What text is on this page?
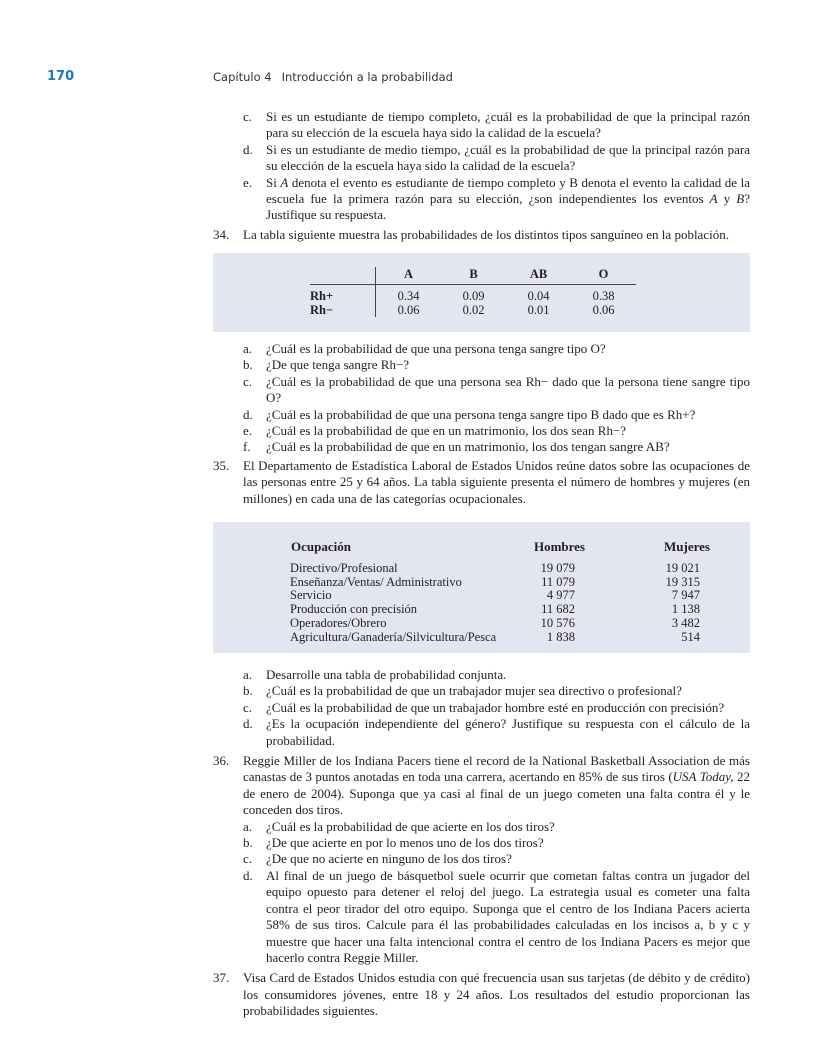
170	Capítulo 4 Introducción a la probabilidad
c.	Si es un estudiante de tiempo completo, ¿cuál es la probabilidad de que la principal razón para su elección de la escuela haya sido la calidad de la escuela?
d.	Si es un estudiante de medio tiempo, ¿cuál es la probabilidad de que la principal razón para su elección de la escuela haya sido la calidad de la escuela?
e.	Si A denota el evento es estudiante de tiempo completo y B denota el evento la calidad de la escuela fue la primera razón para su elección, ¿son independientes los eventos A y B? Justifique su respuesta.
34.	La tabla siguiente muestra las probabilidades de los distintos tipos sanguíneo en la población.
	A	B	AB	O
Rh+	0.34	0.09	0.04	0.38
Rh−	0.06	0.02	0.01	0.06
a.	¿Cuál es la probabilidad de que una persona tenga sangre tipo O?
b.	¿De que tenga sangre Rh−?
c.	¿Cuál es la probabilidad de que una persona sea Rh− dado que la persona tiene sangre tipo O?
d.	¿Cuál es la probabilidad de que una persona tenga sangre tipo B dado que es Rh+?
e.	¿Cuál es la probabilidad de que en un matrimonio, los dos sean Rh−?
f.	¿Cuál es la probabilidad de que en un matrimonio, los dos tengan sangre AB?
35.	El Departamento de Estadística Laboral de Estados Unidos reúne datos sobre las ocupaciones de las personas entre 25 y 64 años. La tabla siguiente presenta el número de hombres y mujeres (en millones) en cada una de las categorías ocupacionales.
Ocupación	Hombres	Mujeres
Directivo/Profesional	19 079	19 021
Enseñanza/Ventas/ Administrativo	11 079	19 315
Servicio	4 977	7 947
Producción con precisión	11 682	1 138
Operadores/Obrero	10 576	3 482
Agricultura/Ganadería/Silvicultura/Pesca	1 838	514
a.	Desarrolle una tabla de probabilidad conjunta.
b.	¿Cuál es la probabilidad de que un trabajador mujer sea directivo o profesional?
c.	¿Cuál es la probabilidad de que un trabajador hombre esté en producción con precisión?
d.	¿Es la ocupación independiente del género? Justifique su respuesta con el cálculo de la probabilidad.
36.	Reggie Miller de los Indiana Pacers tiene el record de la National Basketball Association de más canastas de 3 puntos anotadas en toda una carrera, acertando en 85% de sus tiros (USA Today, 22 de enero de 2004). Suponga que ya casi al final de un juego cometen una falta contra él y le conceden dos tiros.
a.	¿Cuál es la probabilidad de que acierte en los dos tiros?
b.	¿De que acierte en por lo menos uno de los dos tiros?
c.	¿De que no acierte en ninguno de los dos tiros?
d.	Al final de un juego de básquetbol suele ocurrir que cometan faltas contra un jugador del equipo opuesto para detener el reloj del juego. La estrategia usual es cometer una falta contra el peor tirador del otro equipo. Suponga que el centro de los Indiana Pacers acierta 58% de sus tiros. Calcule para él las probabilidades calculadas en los incisos a, b y c y muestre que hacer una falta intencional contra el centro de los Indiana Pacers es mejor que hacerlo contra Reggie Miller.
37.	Visa Card de Estados Unidos estudia con qué frecuencia usan sus tarjetas (de débito y de crédito) los consumidores jóvenes, entre 18 y 24 años. Los resultados del estudio proporcionan las probabilidades siguientes.
